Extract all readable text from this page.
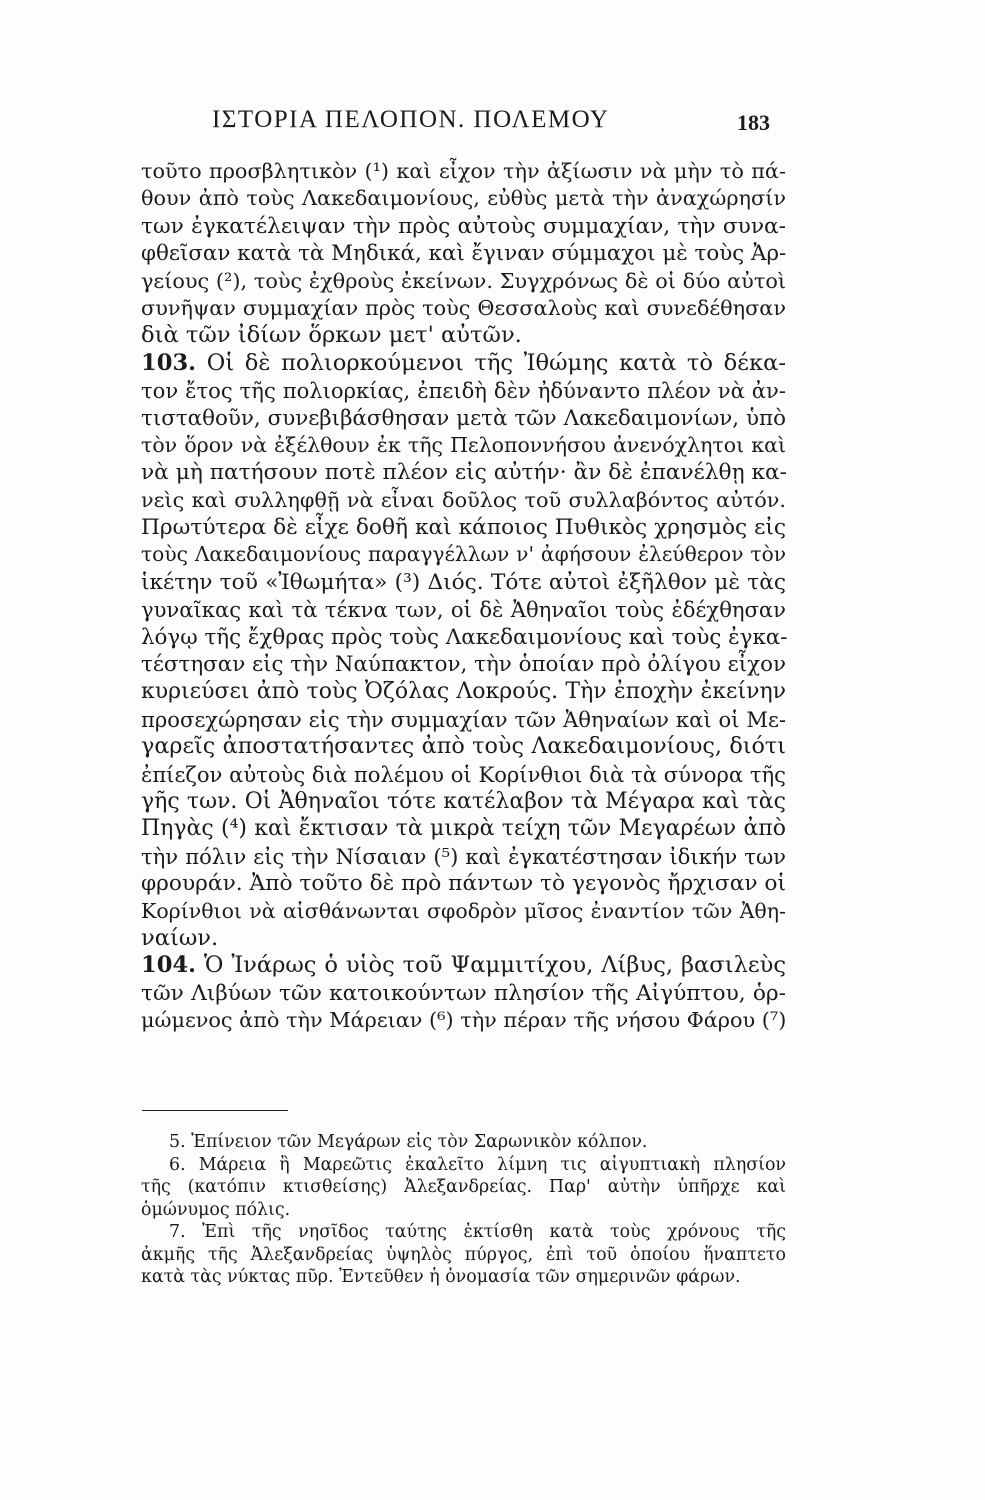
ΙΣΤΟΡΙΑ ΠΕΛΟΠΟΝ. ΠΟΛΕΜΟΥ	183
τοῦτο προσβλητικὸν (¹) καὶ εἶχον τὴν ἀξίωσιν νὰ μὴν τὸ πά-
θουν ἀπὸ τοὺς Λακεδαιμονίους, εὐθὺς μετὰ τὴν ἀναχώρησίν
των ἐγκατέλειψαν τὴν πρὸς αὐτοὺς συμμαχίαν, τὴν συνα-
φθεῖσαν κατὰ τὰ Μηδικά, καὶ ἔγιναν σύμμαχοι μὲ τοὺς Ἀρ-
γείους (²), τοὺς ἐχθροὺς ἐκείνων. Συγχρόνως δὲ οἱ δύο αὐτοὶ
συνῆψαν συμμαχίαν πρὸς τοὺς Θεσσαλοὺς καὶ συνεδέθησαν
διὰ τῶν ἰδίων ὅρκων μετ' αὐτῶν.
103. Οἱ δὲ πολιορκούμενοι τῆς Ἰθώμης κατὰ τὸ δέκα-
τον ἔτος τῆς πολιορκίας, ἐπειδὴ δὲν ἠδύναντο πλέον νὰ ἀν-
τισταθοῦν, συνεβιβάσθησαν μετὰ τῶν Λακεδαιμονίων, ὑπὸ
τὸν ὅρον νὰ ἐξέλθουν ἐκ τῆς Πελοποννήσου ἀνενόχλητοι καὶ
νὰ μὴ πατήσουν ποτὲ πλέον εἰς αὐτήν· ἂν δὲ ἐπανέλθῃ κα-
νεὶς καὶ συλληφθῇ νὰ εἶναι δοῦλος τοῦ συλλαβόντος αὐτόν.
Πρωτύτερα δὲ εἶχε δοθῆ καὶ κάποιος Πυθικὸς χρησμὸς εἰς
τοὺς Λακεδαιμονίους παραγγέλλων ν' ἀφήσουν ἐλεύθερον τὸν
ἱκέτην τοῦ «Ἰθωμήτα» (³) Διός. Τότε αὐτοὶ ἐξῆλθον μὲ τὰς
γυναῖκας καὶ τὰ τέκνα των, οἱ δὲ Ἀθηναῖοι τοὺς ἐδέχθησαν
λόγῳ τῆς ἔχθρας πρὸς τοὺς Λακεδαιμονίους καὶ τοὺς ἐγκα-
τέστησαν εἰς τὴν Ναύπακτον, τὴν ὁποίαν πρὸ ὀλίγου εἶχον
κυριεύσει ἀπὸ τοὺς Ὀζόλας Λοκρούς. Τὴν ἐποχὴν ἐκείνην
προσεχώρησαν εἰς τὴν συμμαχίαν τῶν Ἀθηναίων καὶ οἱ Με-
γαρεῖς ἀποστατήσαντες ἀπὸ τοὺς Λακεδαιμονίους, διότι
ἐπίεζον αὐτοὺς διὰ πολέμου οἱ Κορίνθιοι διὰ τὰ σύνορα τῆς
γῆς των. Οἱ Ἀθηναῖοι τότε κατέλαβον τὰ Μέγαρα καὶ τὰς
Πηγὰς (⁴) καὶ ἔκτισαν τὰ μικρὰ τείχη τῶν Μεγαρέων ἀπὸ
τὴν πόλιν εἰς τὴν Νίσαιαν (⁵) καὶ ἐγκατέστησαν ἰδικήν των
φρουράν. Ἀπὸ τοῦτο δὲ πρὸ πάντων τὸ γεγονὸς ἤρχισαν οἱ
Κορίνθιοι νὰ αἰσθάνωνται σφοδρὸν μῖσος ἐναντίον τῶν Ἀθη-
ναίων.
104. Ὁ Ἰνάρως ὁ υἱὸς τοῦ Ψαμμιτίχου, Λίβυς, βασιλεὺς
τῶν Λιβύων τῶν κατοικούντων πλησίον τῆς Αἰγύπτου, ὁρ-
μώμενος ἀπὸ τὴν Μάρειαν (⁶) τὴν πέραν τῆς νήσου Φάρου (⁷)
5. Ἐπίνειον τῶν Μεγάρων εἰς τὸν Σαρωνικὸν κόλπον.
6. Μάρεια ἢ Μαρεῶτις ἐκαλεῖτο λίμνη τις αἰγυπτιακὴ πλησίον
τῆς (κατόπιν κτισθείσης) Ἀλεξανδρείας. Παρ' αὐτὴν ὑπῆρχε καὶ
ὁμώνυμος πόλις.
7. Ἐπὶ τῆς νησῖδος ταύτης ἐκτίσθη κατὰ τοὺς χρόνους τῆς
ἀκμῆς τῆς Ἀλεξανδρείας ὑψηλὸς πύργος, ἐπὶ τοῦ ὁποίου ἥναπτετο
κατὰ τὰς νύκτας πῦρ. Ἐντεῦθεν ἡ ὀνομασία τῶν σημερινῶν φάρων.
